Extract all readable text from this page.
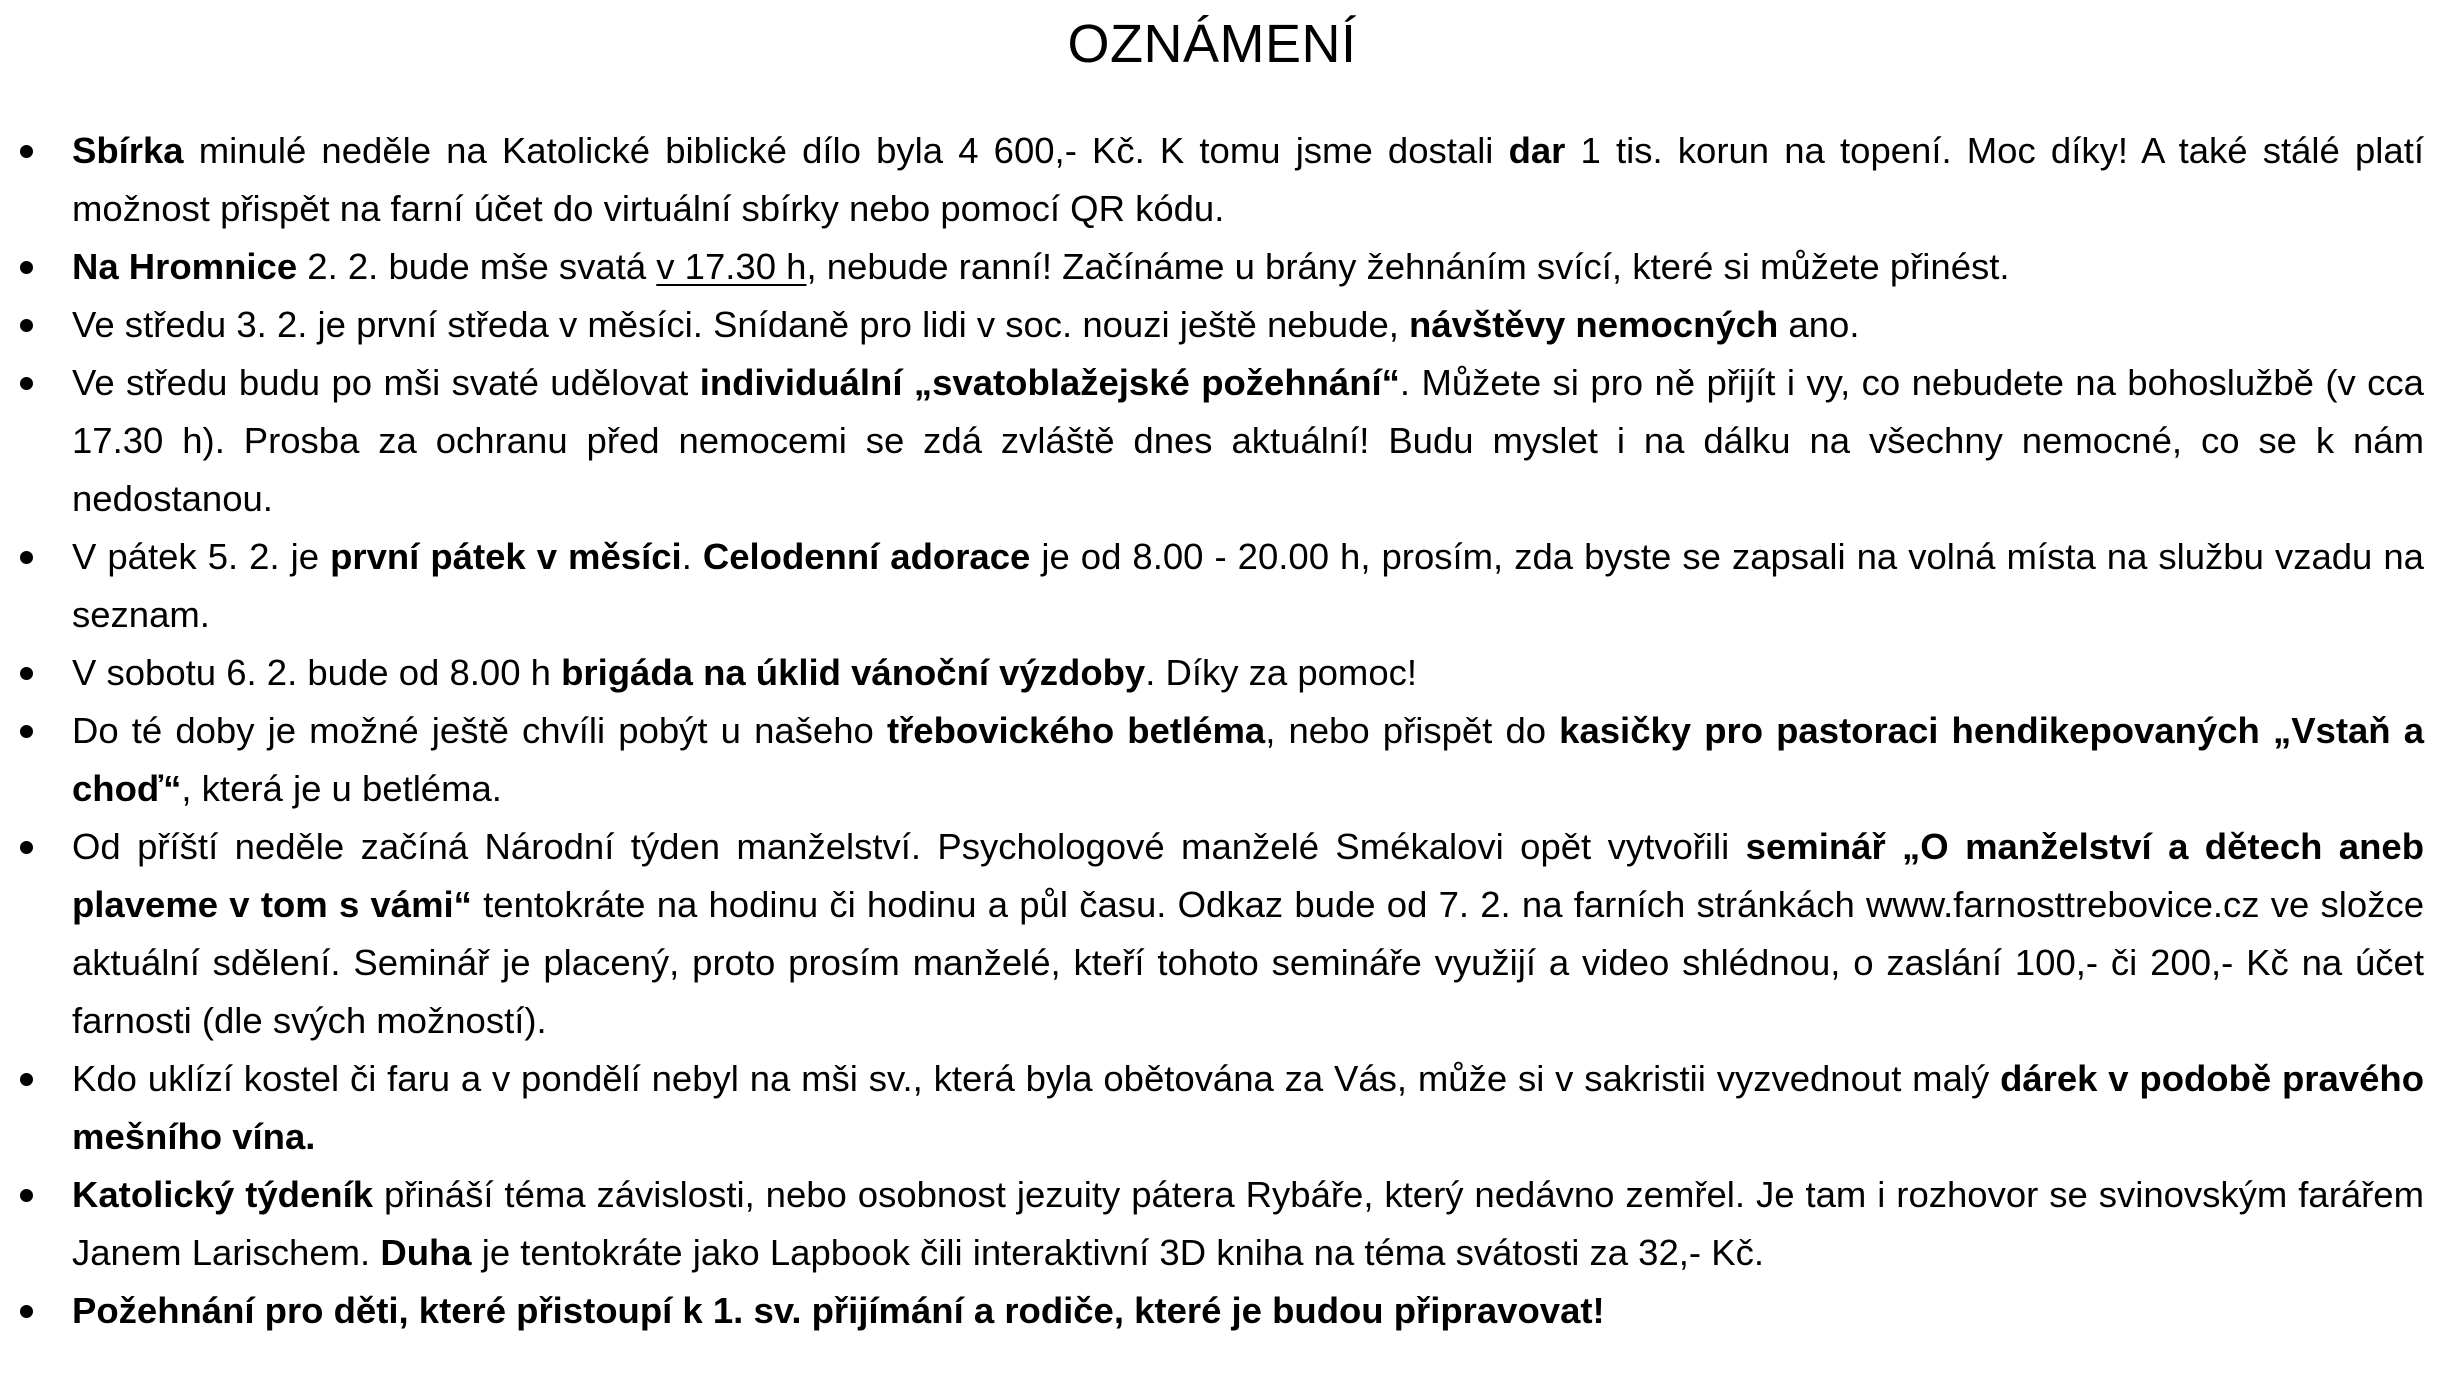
OZNÁMENÍ
Sbírka minulé neděle na Katolické biblické dílo byla 4 600,- Kč. K tomu jsme dostali dar 1 tis. korun na topení. Moc díky! A také stálé platí možnost přispět na farní účet do virtuální sbírky nebo pomocí QR kódu.
Na Hromnice 2. 2. bude mše svatá v 17.30 h, nebude ranní! Začínáme u brány žehnáním svící, které si můžete přinést.
Ve středu 3. 2. je první středa v měsíci. Snídaně pro lidi v soc. nouzi ještě nebude, návštěvy nemocných ano.
Ve středu budu po mši svaté udělovat individuální „svatoblažejské požehnání“. Můžete si pro ně přijít i vy, co nebudete na bohoslužbě (v cca 17.30 h). Prosba za ochranu před nemocemi se zdá zvláště dnes aktuální! Budu myslet i na dálku na všechny nemocné, co se k nám nedostanou.
V pátek 5. 2. je první pátek v měsíci. Celodenní adorace je od 8.00 - 20.00 h, prosím, zda byste se zapsali na volná místa na službu vzadu na seznam.
V sobotu 6. 2. bude od 8.00 h brigáda na úklid vánoční výzdoby. Díky za pomoc!
Do té doby je možné ještě chvíli pobýt u našeho třebovického betléma, nebo přispět do kasičky pro pastoraci hendikepovaných „Vstaň a choď“, která je u betléma.
Od příští neděle začíná Národní týden manželství. Psychologové manželé Smékalovi opět vytvořili seminář „O manželství a dětech aneb plaveme v tom s vámi“ tentokráte na hodinu či hodinu a půl času. Odkaz bude od 7. 2. na farních stránkách www.farnosttrebovice.cz ve složce aktuální sdělení. Seminář je placený, proto prosím manželé, kteří tohoto semináře využijí a video shlédnou, o zaslání 100,- či 200,- Kč na účet farnosti (dle svých možností).
Kdo uklízí kostel či faru a v pondělí nebyl na mši sv., která byla obětována za Vás, může si v sakristii vyzvednout malý dárek v podobě pravého mešního vína.
Katolický týdeník přináší téma závislosti, nebo osobnost jezuity pátera Rybáře, který nedávno zemřel. Je tam i rozhovor se svinovským farářem Janem Larischem. Duha je tentokráte jako Lapbook čili interaktivní 3D kniha na téma svátosti za 32,- Kč.
Požehnání pro děti, které přistoupí k 1. sv. přijímání a rodiče, které je budou připravovat!
